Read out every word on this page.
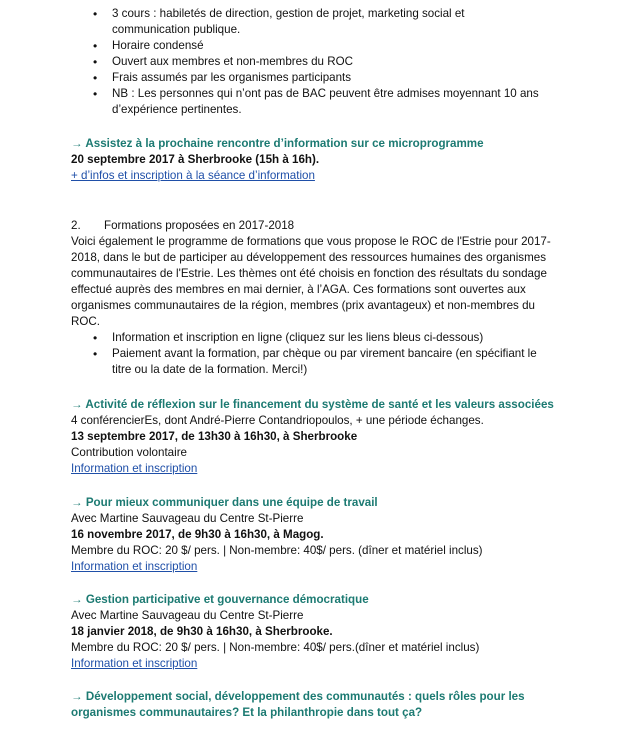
• 3 cours : habiletés de direction, gestion de projet, marketing social et communication publique.
• Horaire condensé
• Ouvert aux membres et non-membres du ROC
• Frais assumés par les organismes participants
• NB : Les personnes qui n’ont pas de BAC peuvent être admises moyennant 10 ans d’expérience pertinentes.
→ Assistez à la prochaine rencontre d’information sur ce microprogramme
20 septembre 2017 à Sherbrooke (15h à 16h).
+ d’infos et inscription à la séance d’information
2. Formations proposées en 2017-2018
Voici également le programme de formations que vous propose le ROC de l'Estrie pour 2017-2018, dans le but de participer au développement des ressources humaines des organismes communautaires de l'Estrie. Les thèmes ont été choisis en fonction des résultats du sondage effectué auprès des membres en mai dernier, à l’AGA. Ces formations sont ouvertes aux organismes communautaires de la région, membres (prix avantageux) et non-membres du ROC.
• Information et inscription en ligne (cliquez sur les liens bleus ci-dessous)
• Paiement avant la formation, par chèque ou par virement bancaire (en spécifiant le titre ou la date de la formation. Merci!)
→ Activité de réflexion sur le financement du système de santé et les valeurs associées
4 conférencierEs, dont André-Pierre Contandriopoulos, + une période échanges.
13 septembre 2017, de 13h30 à 16h30, à Sherbrooke
Contribution volontaire
Information et inscription
→ Pour mieux communiquer dans une équipe de travail
Avec Martine Sauvageau du Centre St-Pierre
16 novembre 2017, de 9h30 à 16h30, à Magog.
Membre du ROC: 20 $/ pers. | Non-membre: 40$/ pers. (dîner et matériel inclus)
Information et inscription
→ Gestion participative et gouvernance démocratique
Avec Martine Sauvageau du Centre St-Pierre
18 janvier 2018, de 9h30 à 16h30, à Sherbrooke.
Membre du ROC: 20 $/ pers. | Non-membre: 40$/ pers.(dîner et matériel inclus)
Information et inscription
→ Développement social, développement des communautés : quels rôles pour les organismes communautaires? Et la philanthropie dans tout ça?
